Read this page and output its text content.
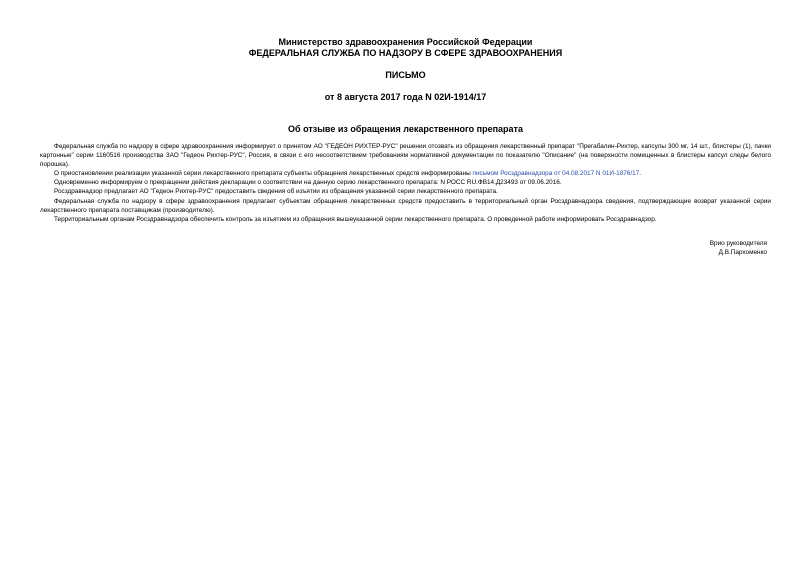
Министерство здравоохранения Российской Федерации
ФЕДЕРАЛЬНАЯ СЛУЖБА ПО НАДЗОРУ В СФЕРЕ ЗДРАВООХРАНЕНИЯ
ПИСЬМО
от 8 августа 2017 года N 02И-1914/17
Об отзыве из обращения лекарственного препарата

Федеральная служба по надзору в сфере здравоохранения информирует о принятом АО "ГЕДЕОН РИХТЕР-РУС" решении отозвать из обращения лекарственный препарат "Прегабалин-Рихтер, капсулы 300 мг, 14 шт., блистеры (1), пачки картонные" серии 1160516 производства ЗАО "Гедеон Рихтер-РУС", Россия, в связи с его несоответствием требованиям нормативной документации по показателю "Описание" (на поверхности помещенных в блистеры капсул следы белого порошка).

О приостановлении реализации указанной серии лекарственного препарата субъекты обращения лекарственных средств информированы письмом Росздравнадзора от 04.08.2017 N 01И-1876/17.

Одновременно информируем о прекращении действия декларации о соответствии на данную серию лекарственного препарата: N РОСС RU.ФВ14.Д23493 от 09.06.2016.

Росздравнадзор предлагает АО "Гедеон Рихтер-РУС" предоставить сведения об изъятии из обращения указанной серии лекарственного препарата.

Федеральная служба по надзору в сфере здравоохранения предлагает субъектам обращения лекарственных средств предоставить в территориальный орган Росздравнадзора сведения, подтверждающие возврат указанной серии лекарственного препарата поставщикам (производителю).

Территориальным органам Росздравнадзора обеспечить контроль за изъятием из обращения вышеуказанной серии лекарственного препарата. О проведенной работе информировать Росздравнадзор.

Врио руководителя
Д.В.Пархоменко
